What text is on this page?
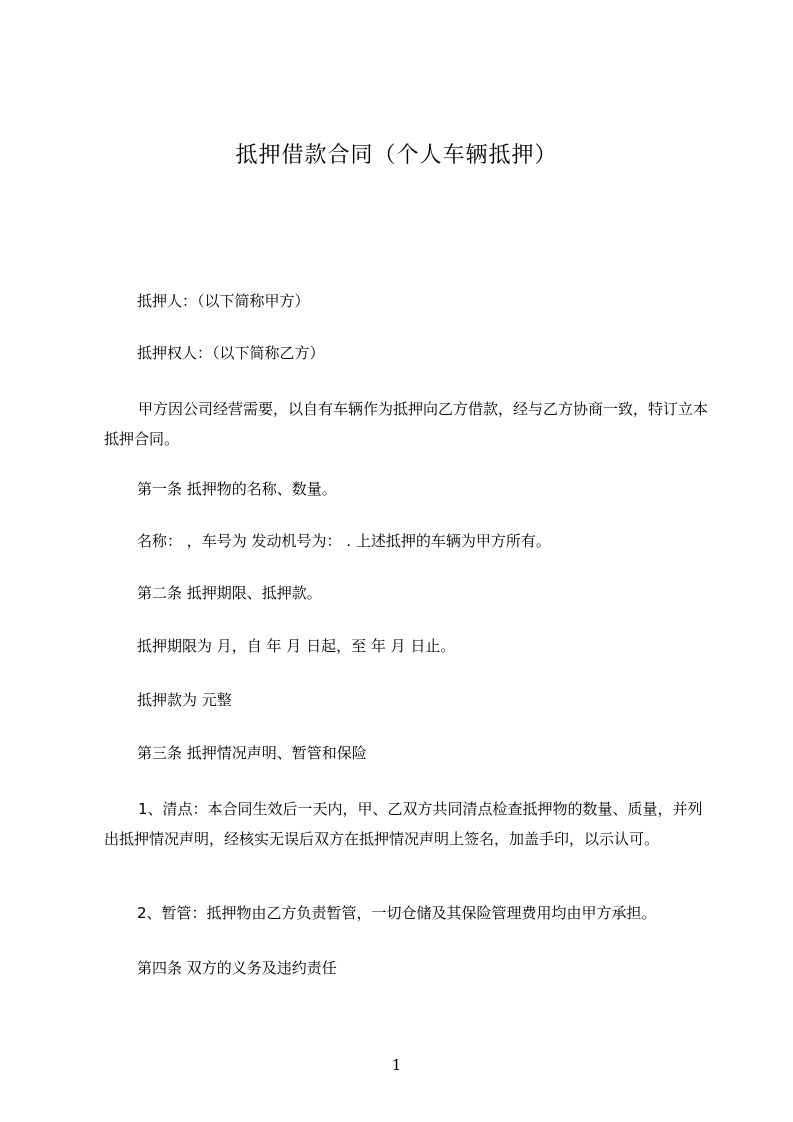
抵押借款合同（个人车辆抵押）
抵押人：（以下简称甲方）
抵押权人：（以下简称乙方）
甲方因公司经营需要，以自有车辆作为抵押向乙方借款，经与乙方协商一致，特订立本抵押合同。
第一条 抵押物的名称、数量。
名称： ，车号为 发动机号为： . 上述抵押的车辆为甲方所有。
第二条 抵押期限、抵押款。
抵押期限为 月，自 年 月 日起，至 年 月 日止。
抵押款为 元整
第三条 抵押情况声明、暂管和保险
1、清点：本合同生效后一天内，甲、乙双方共同清点检查抵押物的数量、质量，并列出抵押情况声明，经核实无误后双方在抵押情况声明上签名，加盖手印，以示认可。
2、暂管：抵押物由乙方负责暂管，一切仓储及其保险管理费用均由甲方承担。
第四条 双方的义务及违约责任
1
